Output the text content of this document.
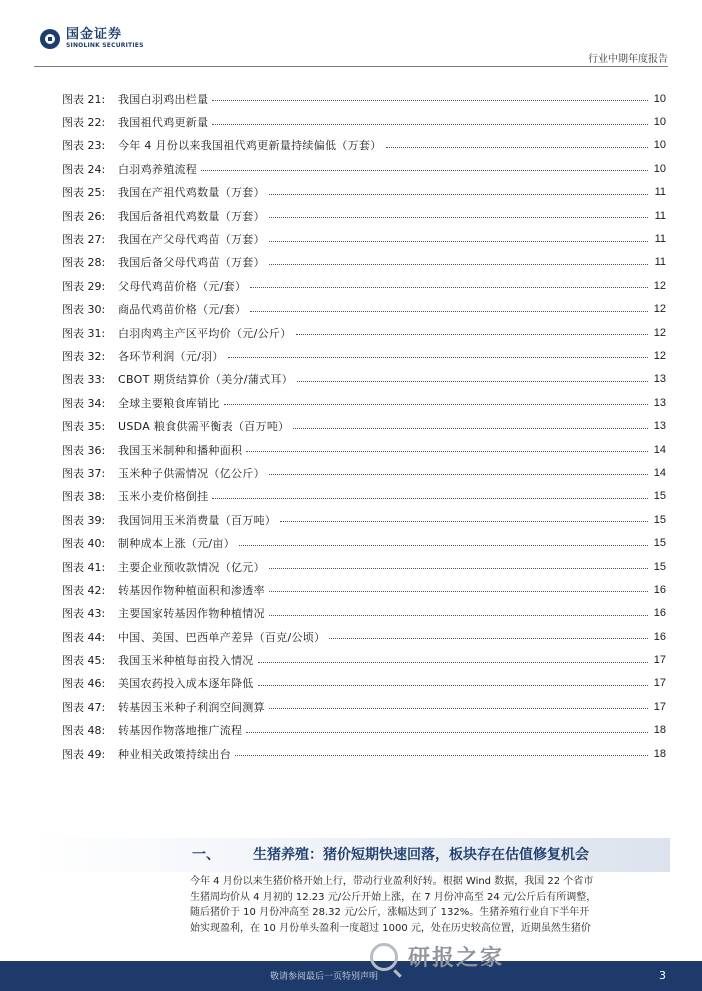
国金证券
SINOLINK SECURITIES
行业中期年度报告
图表 21:	我国白羽鸡出栏量	10
图表 22:	我国祖代鸡更新量	10
图表 23:	今年 4 月份以来我国祖代鸡更新量持续偏低（万套）	10
图表 24:	白羽鸡养殖流程	10
图表 25:	我国在产祖代鸡数量（万套）	11
图表 26:	我国后备祖代鸡数量（万套）	11
图表 27:	我国在产父母代鸡苗（万套）	11
图表 28:	我国后备父母代鸡苗（万套）	11
图表 29:	父母代鸡苗价格（元/套）	12
图表 30:	商品代鸡苗价格（元/套）	12
图表 31:	白羽肉鸡主产区平均价（元/公斤）	12
图表 32:	各环节利润（元/羽）	12
图表 33:	CBOT 期货结算价（美分/蒲式耳）	13
图表 34:	全球主要粮食库销比	13
图表 35:	USDA 粮食供需平衡表（百万吨）	13
图表 36:	我国玉米制种和播种面积	14
图表 37:	玉米种子供需情况（亿公斤）	14
图表 38:	玉米小麦价格倒挂	15
图表 39:	我国饲用玉米消费量（百万吨）	15
图表 40:	制种成本上涨（元/亩）	15
图表 41:	主要企业预收款情况（亿元）	15
图表 42:	转基因作物种植面积和渗透率	16
图表 43:	主要国家转基因作物种植情况	16
图表 44:	中国、美国、巴西单产差异（百克/公顷）	16
图表 45:	我国玉米种植每亩投入情况	17
图表 46:	美国农药投入成本逐年降低	17
图表 47:	转基因玉米种子利润空间测算	17
图表 48:	转基因作物落地推广流程	18
图表 49:	种业相关政策持续出台	18
一、 生猪养殖：猪价短期快速回落，板块存在估值修复机会
今年 4 月份以来生猪价格开始上行，带动行业盈利好转。根据 Wind 数据，我国 22 个省市
生猪周均价从 4 月初的 12.23 元/公斤开始上涨，在 7 月份冲高至 24 元/公斤后有所调整，
随后猪价于 10 月份冲高至 28.32 元/公斤，涨幅达到了 132%。生猪养殖行业自下半年开
始实现盈利，在 10 月份单头盈利一度超过 1000 元，处在历史较高位置，近期虽然生猪价
敬请参阅最后一页特别声明
研报之家
3
